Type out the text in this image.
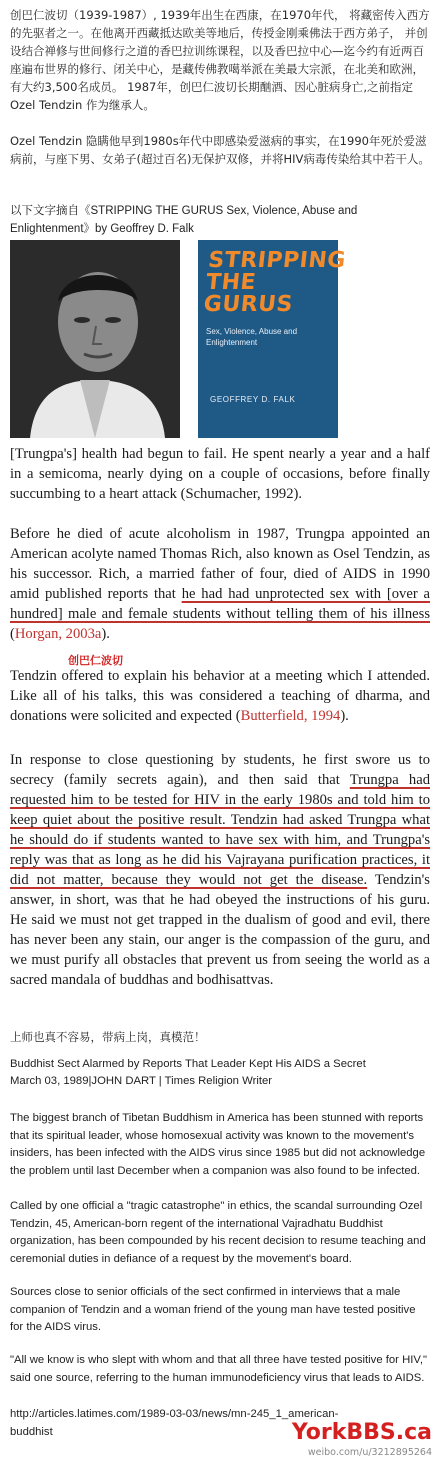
创巴仁波切（1939-1987）, 1939年出生在西康，在1970年代， 将藏密传入西方的先驱者之一。在他离开西藏抵达欧美等地后，传授金刚乘佛法于西方弟子， 并创设结合禅修与世间修行之道的香巴拉训练课程，以及香巴拉中心—迄今约有近两百座遍布世界的修行、闭关中心，是藏传佛教噶举派在美最大宗派，在北美和欧洲，有大约3,500名成员。 1987年，创巴仁波切长期酗酒、因心脏病身亡,之前指定Ozel Tendzin 作为继承人。
Ozel Tendzin 隐瞒他早到1980s年代中即感染爱滋病的事实，在1990年死於爱滋病前，与座下男、女弟子(超过百名)无保护双修，并将HIV病毒传染给其中若干人。
以下文字摘自《STRIPPING THE GURUS Sex, Violence, Abuse and Enlightenment》by Geoffrey D. Falk
创巴仁波切
STRIPPING THE GURUS
Sex, Violence, Abuse and Enlightenment
GEOFFREY D. FALK
[Trungpa's] health had begun to fail. He spent nearly a year and a half in a semicoma, nearly dying on a couple of occasions, before finally succumbing to a heart attack (Schumacher, 1992).
Before he died of acute alcoholism in 1987, Trungpa appointed an American acolyte named Thomas Rich, also known as Osel Tendzin, as his successor. Rich, a married father of four, died of AIDS in 1990 amid published reports that he had had unprotected sex with [over a hundred] male and female students without telling them of his illness (Horgan, 2003a).
Tendzin offered to explain his behavior at a meeting which I attended. Like all of his talks, this was considered a teaching of dharma, and donations were solicited and expected (Butterfield, 1994).
In response to close questioning by students, he first swore us to secrecy (family secrets again), and then said that Trungpa had requested him to be tested for HIV in the early 1980s and told him to keep quiet about the positive result. Tendzin had asked Trungpa what he should do if students wanted to have sex with him, and Trungpa's reply was that as long as he did his Vajrayana purification practices, it did not matter, because they would not get the disease. Tendzin's answer, in short, was that he had obeyed the instructions of his guru. He said we must not get trapped in the dualism of good and evil, there has never been any stain, our anger is the compassion of the guru, and we must purify all obstacles that prevent us from seeing the world as a sacred mandala of buddhas and bodhisattvas.
上师也真不容易，带病上岗，真模范！
Buddhist Sect Alarmed by Reports That Leader Kept His AIDS a Secret
March 03, 1989|JOHN DART | Times Religion Writer
The biggest branch of Tibetan Buddhism in America has been stunned with reports that its spiritual leader, whose homosexual activity was known to the movement's insiders, has been infected with the AIDS virus since 1985 but did not acknowledge the problem until last December when a companion was also found to be infected.
Called by one official a "tragic catastrophe" in ethics, the scandal surrounding Ozel Tendzin, 45, American-born regent of the international Vajradhatu Buddhist organization, has been compounded by his recent decision to resume teaching and ceremonial duties in defiance of a request by the movement's board.
Sources close to senior officials of the sect confirmed in interviews that a male companion of Tendzin and a woman friend of the young man have tested positive for the AIDS virus.
"All we know is who slept with whom and that all three have tested positive for HIV," said one source, referring to the human immunodeficiency virus that leads to AIDS.
http://articles.latimes.com/1989-03-03/news/mn-245_1_american-buddhist	YorkBBS.ca
weibo.com/u/3212895264
